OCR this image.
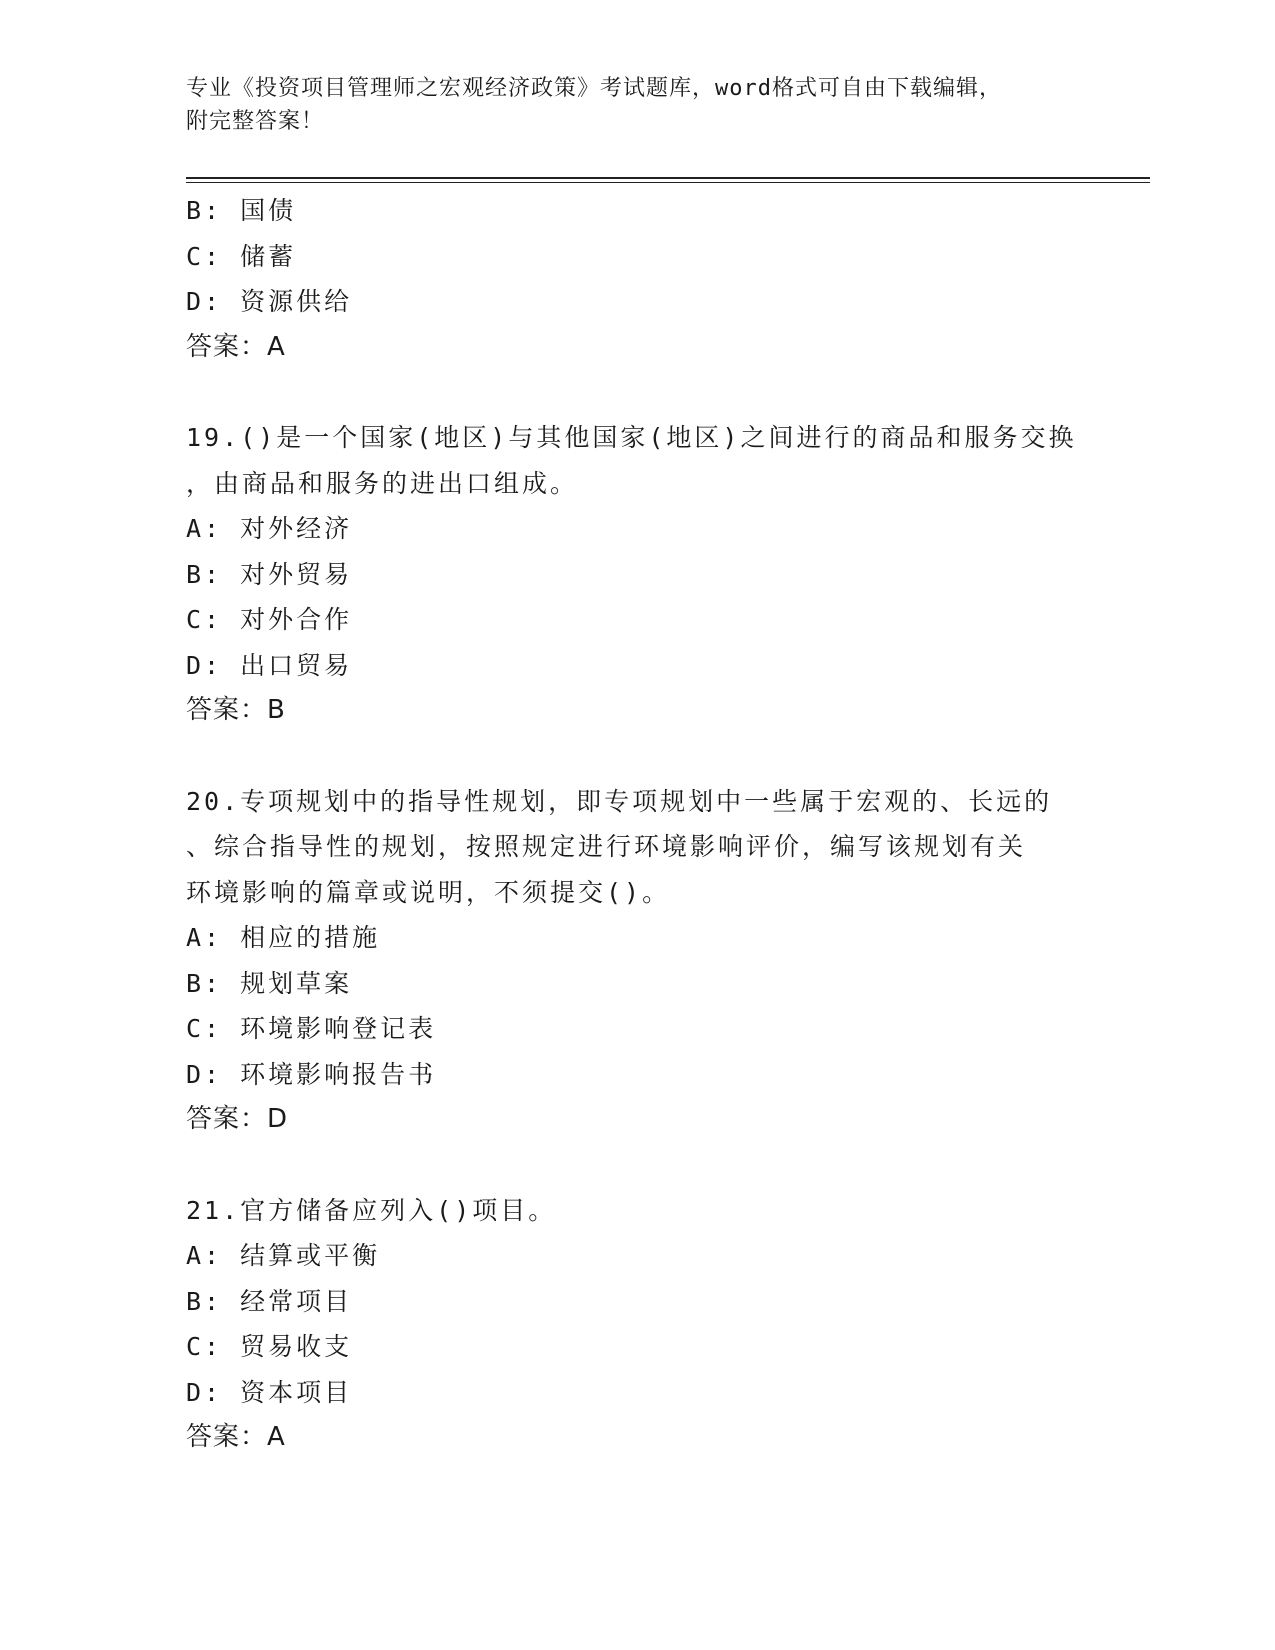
专业《投资项目管理师之宏观经济政策》考试题库，word格式可自由下载编辑，
附完整答案！
B: 国债
C: 储蓄
D: 资源供给
答案：A
19.()是一个国家(地区)与其他国家(地区)之间进行的商品和服务交换
，由商品和服务的进出口组成。
A: 对外经济
B: 对外贸易
C: 对外合作
D: 出口贸易
答案：B
20.专项规划中的指导性规划，即专项规划中一些属于宏观的、长远的
、综合指导性的规划，按照规定进行环境影响评价，编写该规划有关
环境影响的篇章或说明，不须提交()。
A: 相应的措施
B: 规划草案
C: 环境影响登记表
D: 环境影响报告书
答案：D
21.官方储备应列入()项目。
A: 结算或平衡
B: 经常项目
C: 贸易收支
D: 资本项目
答案：A
